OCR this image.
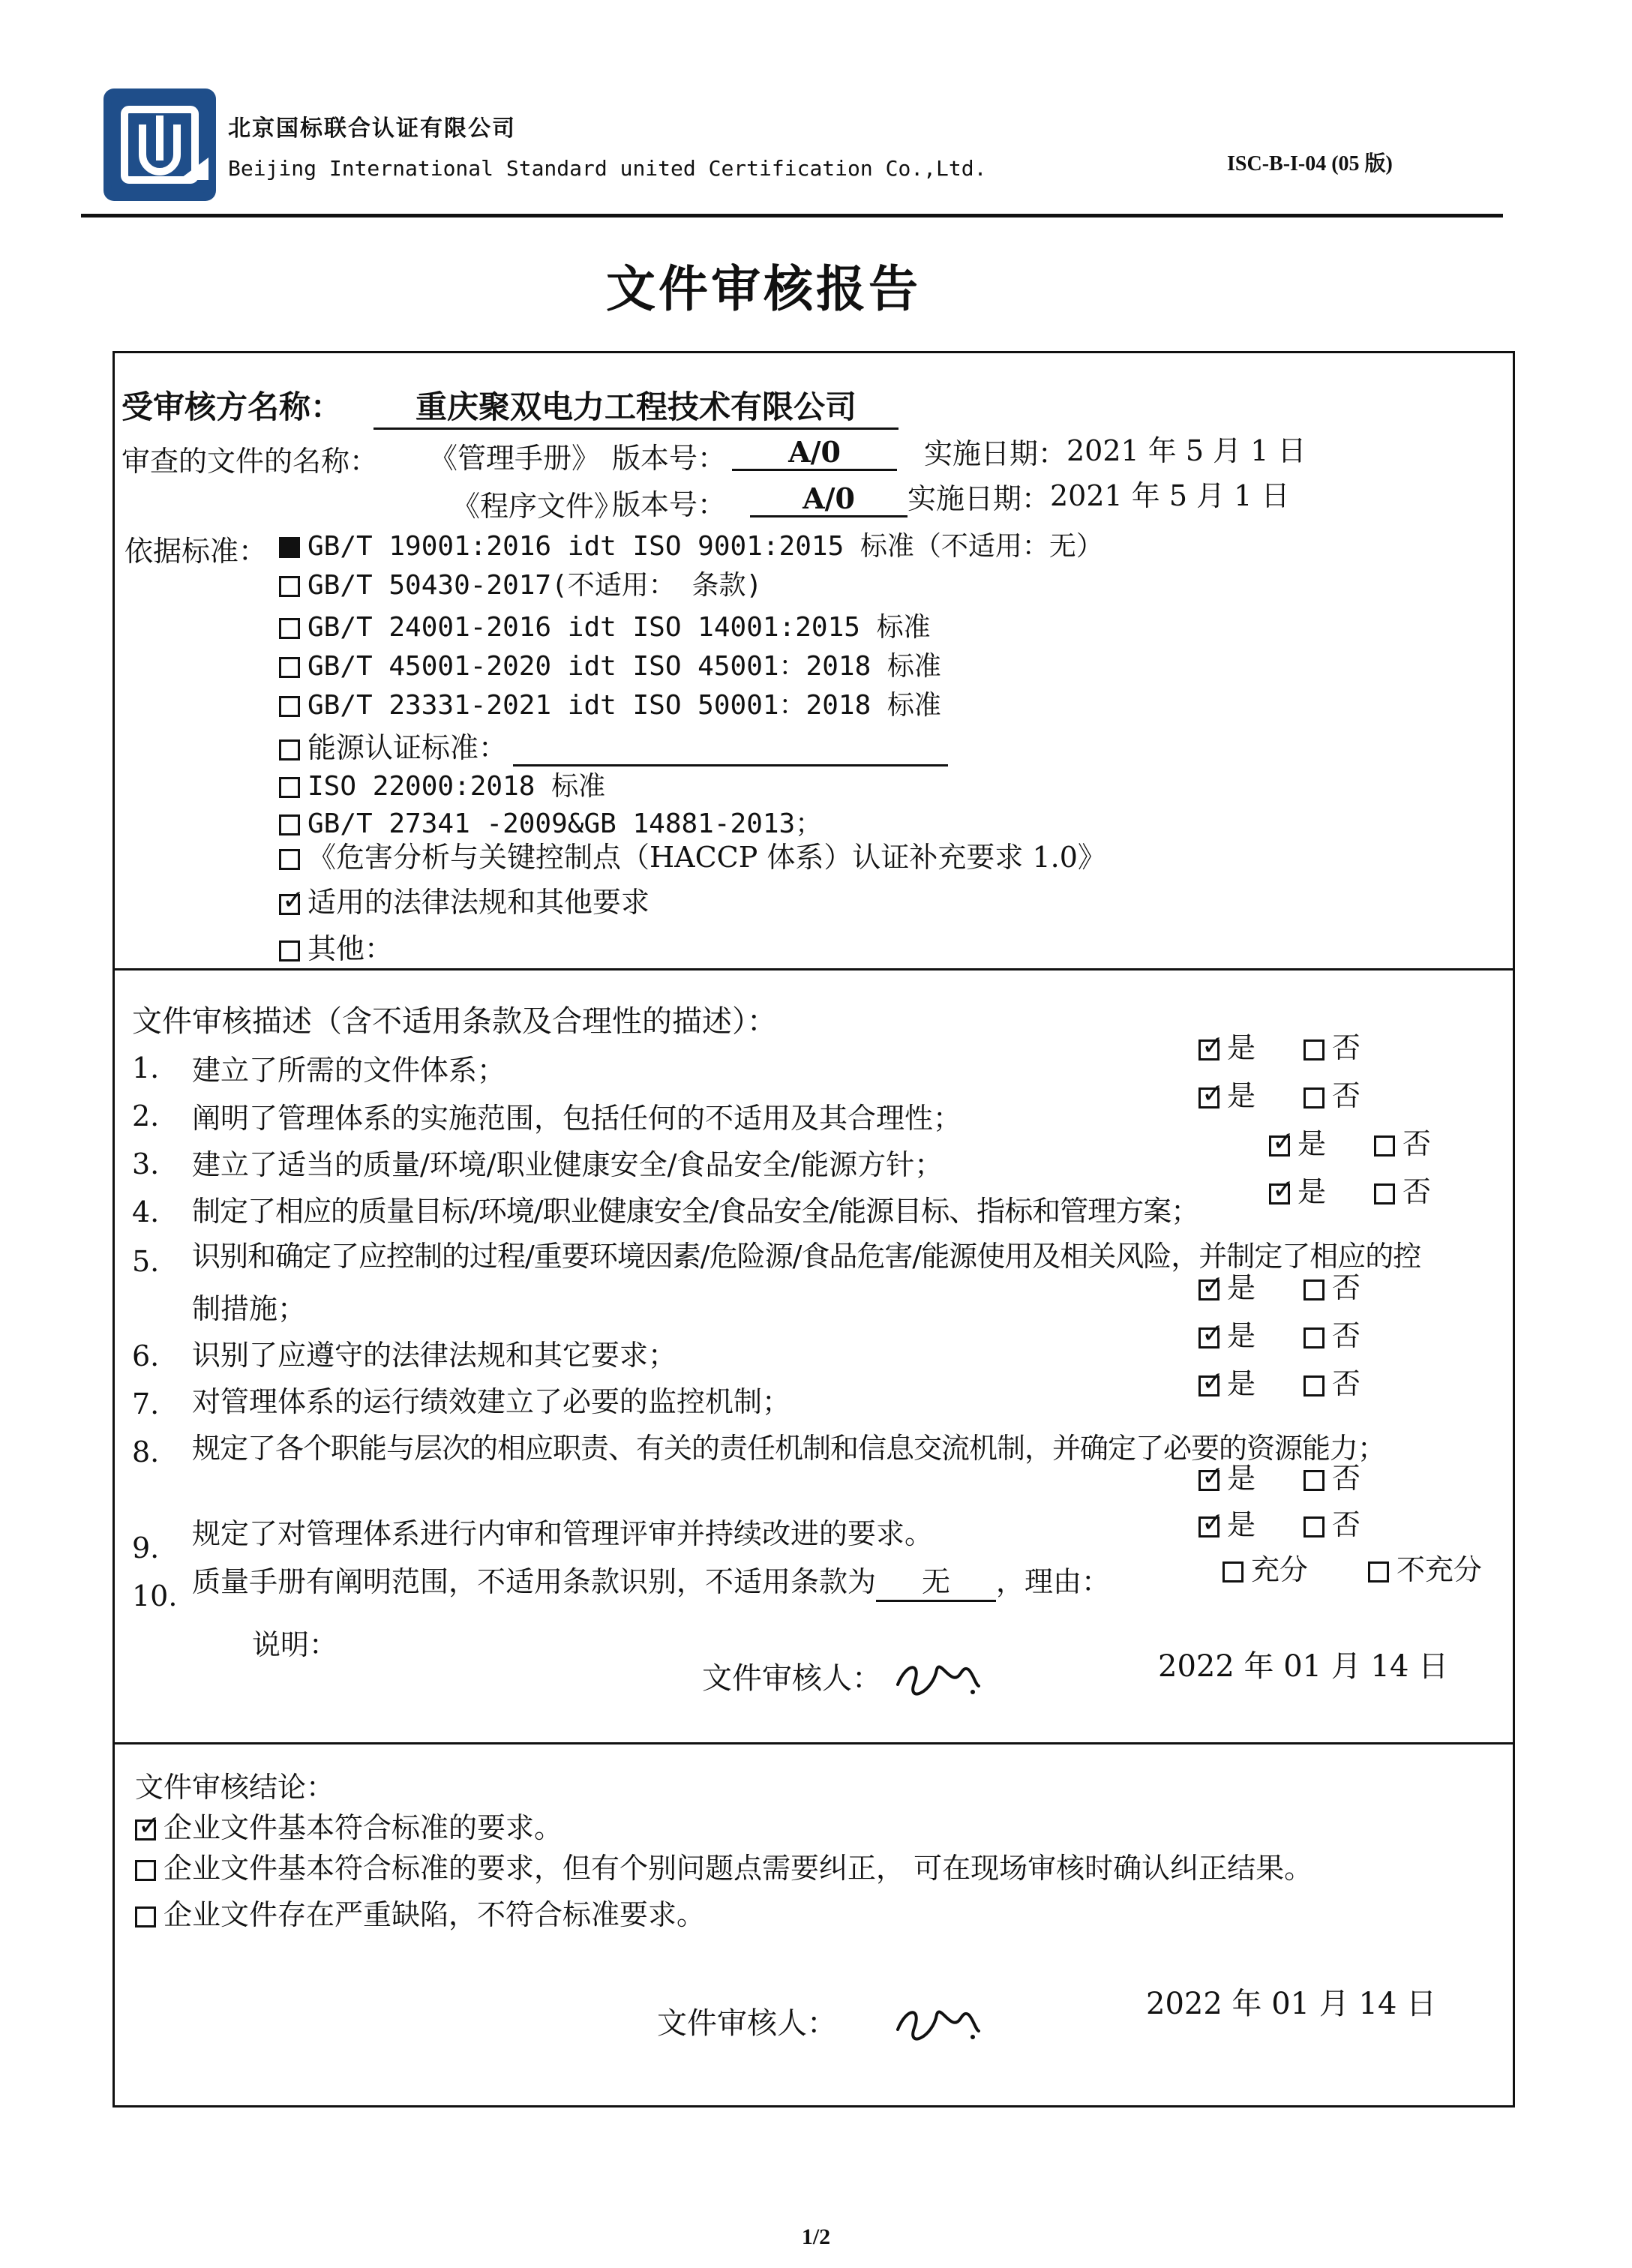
北京国标联合认证有限公司
Beijing International Standard united Certification Co.,Ltd.	ISC-B-I-04 (05 版)
文件审核报告
受审核方名称：	重庆聚双电力工程技术有限公司
审查的文件的名称： 《管理手册》 版本号：	A/0	实施日期： 2021 年 5 月 1 日
《程序文件》
版本号：	A/0	实施日期： 2021 年 5 月 1 日
依据标准：	GB/T 19001:2016 idt ISO 9001:2015 标准（不适用：无）
GB/T 50430-2017(不适用： 条款)
GB/T 24001-2016 idt ISO 14001:2015 标准
GB/T 45001-2020 idt ISO 45001：2018 标准
GB/T 23331-2021 idt ISO 50001：2018 标准
能源认证标准：
ISO 22000:2018 标准
GB/T 27341 -2009&GB 14881-2013；
《危害分析与关键控制点（HACCP 体系）认证补充要求 1.0》
✓适用的法律法规和其他要求
其他：
文件审核描述（含不适用条款及合理性的描述）：
1. 建立了所需的文件体系；
✓是	否
2. 阐明了管理体系的实施范围，包括任何的不适用及其合理性；
✓是	否
3. 建立了适当的质量/环境/职业健康安全/食品安全/能源方针；
✓是	否
4. 制定了相应的质量目标/环境/职业健康安全/食品安全/能源目标、指标和管理方案；
✓是	否
5. 识别和确定了应控制的过程/重要环境因素/危险源/食品危害/能源使用及相关风险，并制定了相应的控
制措施；
✓是	否
6. 识别了应遵守的法律法规和其它要求；
✓是	否
7. 对管理体系的运行绩效建立了必要的监控机制；
✓是	否
8. 规定了各个职能与层次的相应职责、有关的责任机制和信息交流机制，并确定了必要的资源能力；
✓是	否
9. 规定了对管理体系进行内审和管理评审并持续改进的要求。
✓	是	否
10. 质量手册有阐明范围，不适用条款识别，不适用条款为 无 ，理由：	充分	不充分
说明：
文件审核人：	2022 年 01 月 14 日
文件审核结论：
✓企业文件基本符合标准的要求。
企业文件基本符合标准的要求，但有个别问题点需要纠正， 可在现场审核时确认纠正结果。
企业文件存在严重缺陷，不符合标准要求。
文件审核人：
2022 年 01 月 14 日
1/2
